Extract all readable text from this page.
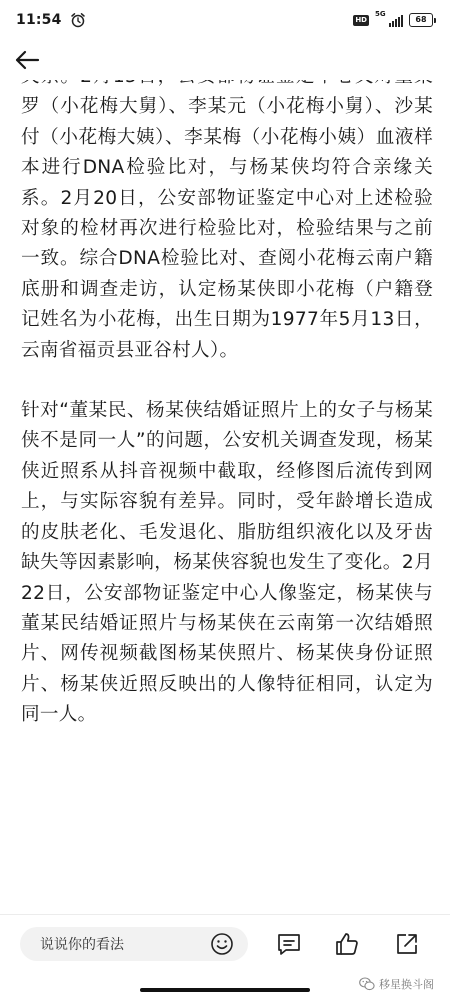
11:54	HD
5G
68

罗（小花梅大舅）、李某元（小花梅小舅）、沙某付（小花梅大姨）、李某梅（小花梅小姨）血液样本进行DNA检验比对，与杨某侠均符合亲缘关系。2月20日，公安部物证鉴定中心对上述检验对象的检材再次进行检验比对，检验结果与之前一致。综合DNA检验比对、查阅小花梅云南户籍底册和调查走访，认定杨某侠即小花梅（户籍登记姓名为小花梅，出生日期为1977年5月13日，云南省福贡县亚谷村人）。

针对“董某民、杨某侠结婚证照片上的女子与杨某侠不是同一人”的问题，公安机关调查发现，杨某侠近照系从抖音视频中截取，经修图后流传到网上，与实际容貌有差异。同时，受年龄增长造成的皮肤老化、毛发退化、脂肪组织液化以及牙齿缺失等因素影响，杨某侠容貌也发生了变化。2月22日，公安部物证鉴定中心人像鉴定，杨某侠与董某民结婚证照片与杨某侠在云南第一次结婚照片、网传视频截图杨某侠照片、杨某侠身份证照片、杨某侠近照反映出的人像特征相同，认定为同一人。

说说你的看法
移星换斗阁
